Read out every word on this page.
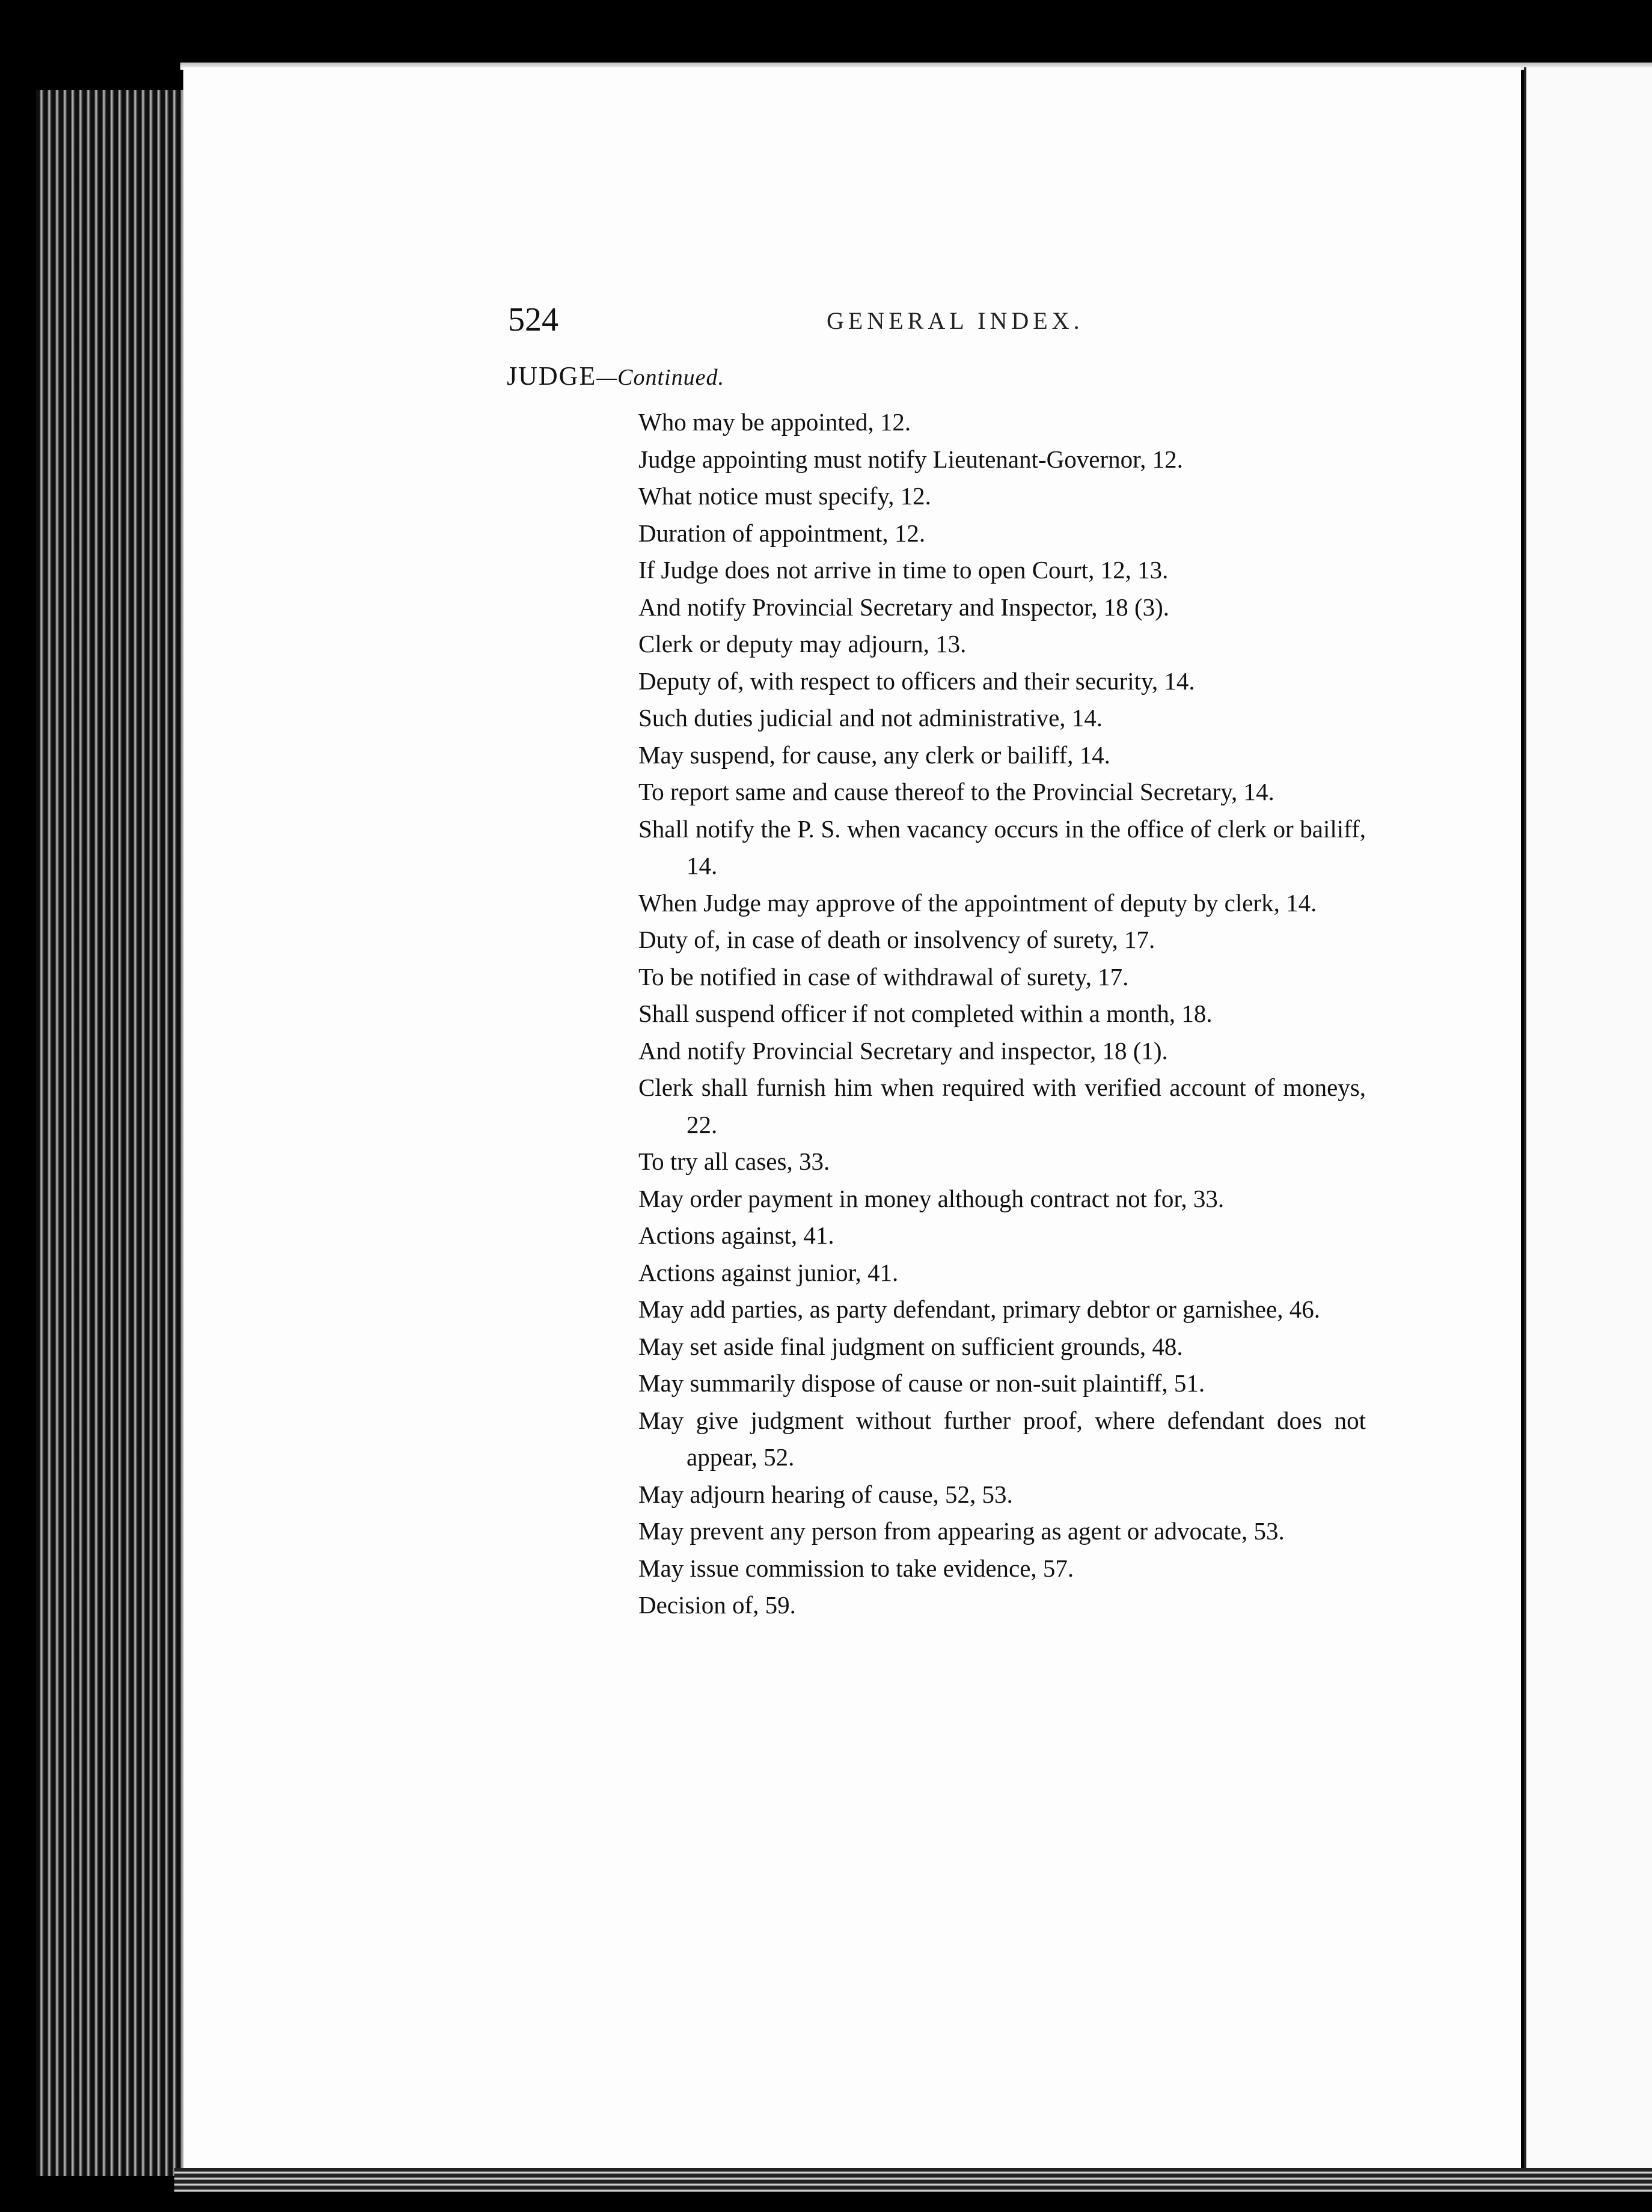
524	GENERAL INDEX.
JUDGE—Continued.
Who may be appointed, 12.
Judge appointing must notify Lieutenant-Governor, 12.
What notice must specify, 12.
Duration of appointment, 12.
If Judge does not arrive in time to open Court, 12, 13.
And notify Provincial Secretary and Inspector, 18 (3).
Clerk or deputy may adjourn, 13.
Deputy of, with respect to officers and their security, 14.
Such duties judicial and not administrative, 14.
May suspend, for cause, any clerk or bailiff, 14.
To report same and cause thereof to the Provincial Secretary, 14.
Shall notify the P. S. when vacancy occurs in the office of clerk or bailiff, 14.
When Judge may approve of the appointment of deputy by clerk, 14.
Duty of, in case of death or insolvency of surety, 17.
To be notified in case of withdrawal of surety, 17.
Shall suspend officer if not completed within a month, 18.
And notify Provincial Secretary and inspector, 18 (1).
Clerk shall furnish him when required with verified account of moneys, 22.
To try all cases, 33.
May order payment in money although contract not for, 33.
Actions against, 41.
Actions against junior, 41.
May add parties, as party defendant, primary debtor or garnishee, 46.
May set aside final judgment on sufficient grounds, 48.
May summarily dispose of cause or non-suit plaintiff, 51.
May give judgment without further proof, where defendant does not appear, 52.
May adjourn hearing of cause, 52, 53.
May prevent any person from appearing as agent or advocate, 53.
May issue commission to take evidence, 57.
Decision of, 59.
